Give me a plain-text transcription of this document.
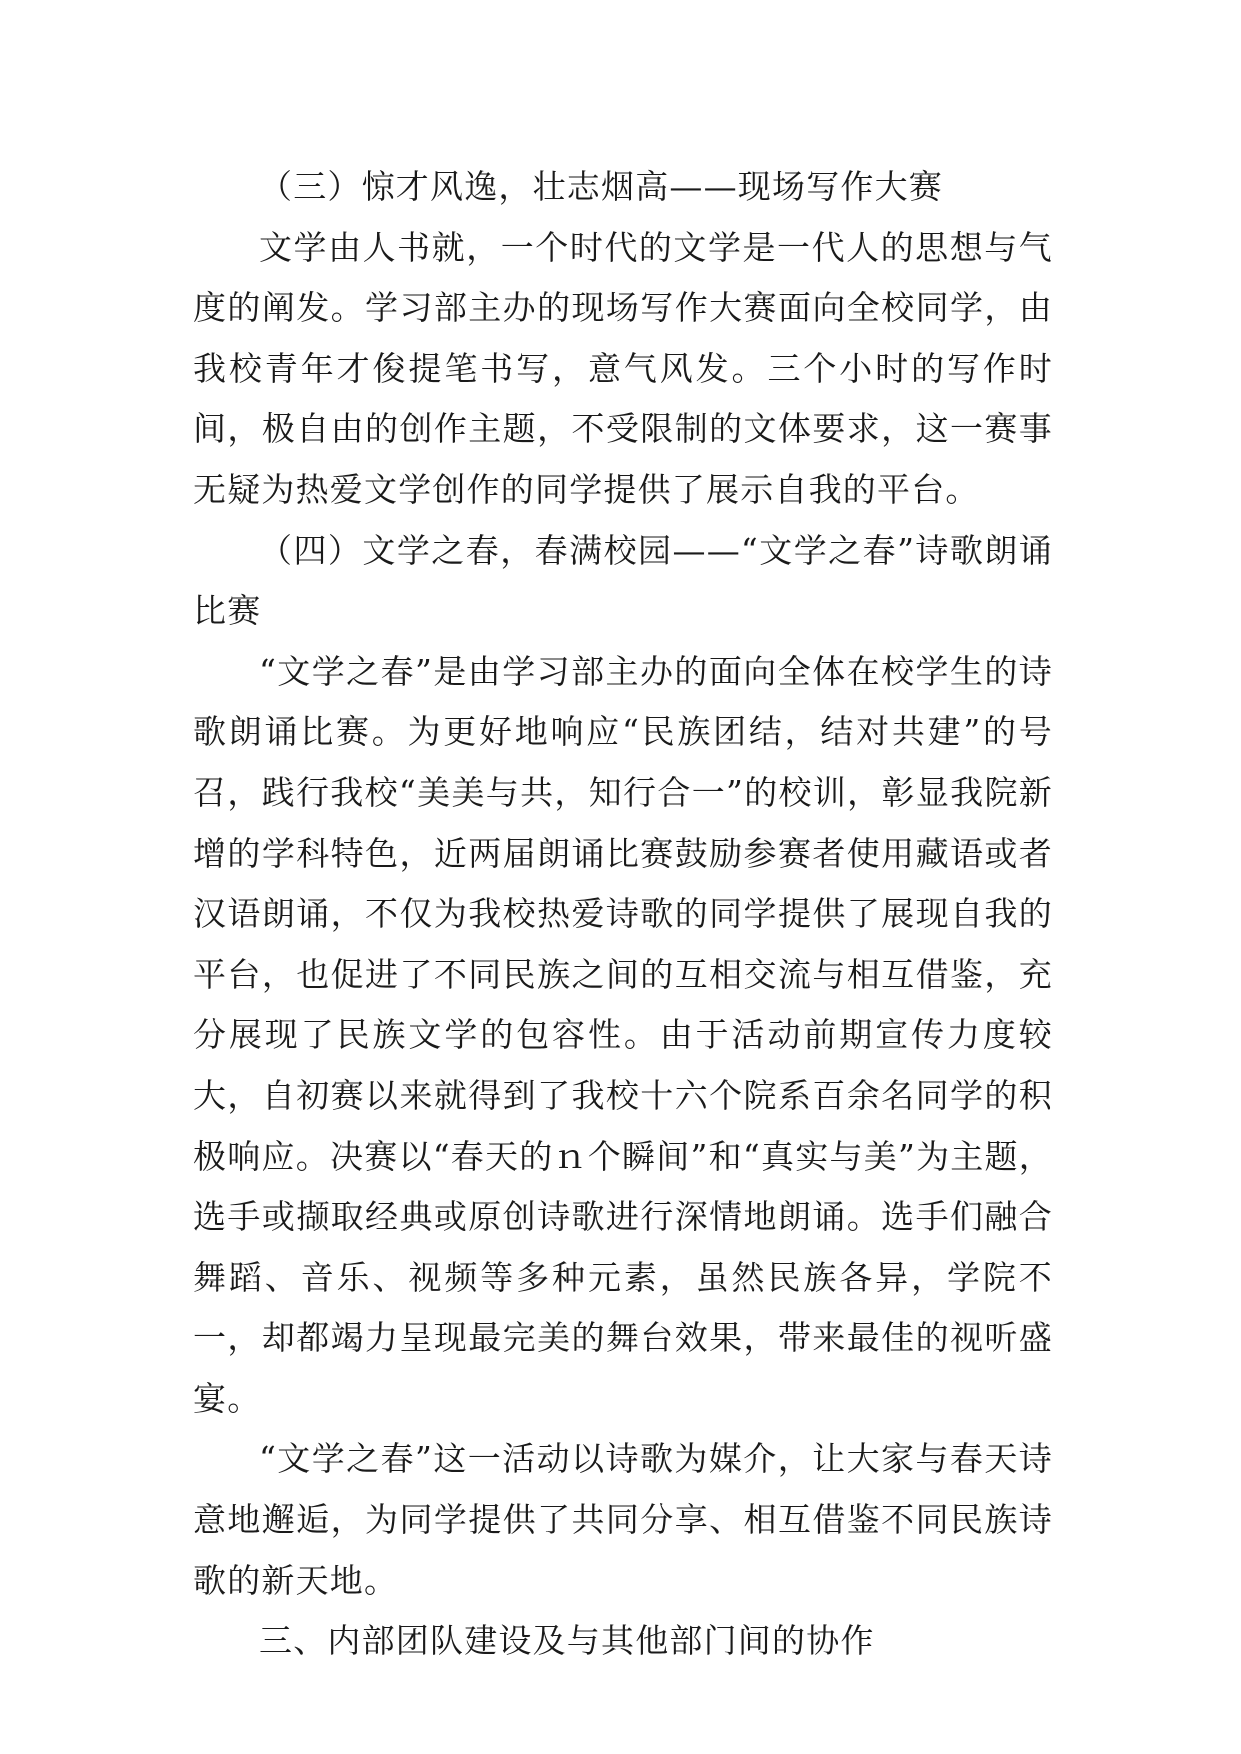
（三）惊才风逸，壮志烟高——现场写作大赛

文学由人书就，一个时代的文学是一代人的思想与气度的阐发。学习部主办的现场写作大赛面向全校同学，由我校青年才俊提笔书写，意气风发。三个小时的写作时间，极自由的创作主题，不受限制的文体要求，这一赛事无疑为热爱文学创作的同学提供了展示自我的平台。

（四）文学之春，春满校园——“文学之春”诗歌朗诵比赛

“文学之春”是由学习部主办的面向全体在校学生的诗歌朗诵比赛。为更好地响应“民族团结，结对共建”的号召，践行我校“美美与共，知行合一”的校训，彰显我院新增的学科特色，近两届朗诵比赛鼓励参赛者使用藏语或者汉语朗诵，不仅为我校热爱诗歌的同学提供了展现自我的平台，也促进了不同民族之间的互相交流与相互借鉴，充分展现了民族文学的包容性。由于活动前期宣传力度较大，自初赛以来就得到了我校十六个院系百余名同学的积极响应。决赛以“春天的ｎ个瞬间”和“真实与美”为主题，选手或撷取经典或原创诗歌进行深情地朗诵。选手们融合舞蹈、音乐、视频等多种元素，虽然民族各异，学院不一，却都竭力呈现最完美的舞台效果，带来最佳的视听盛宴。

“文学之春”这一活动以诗歌为媒介，让大家与春天诗意地邂逅，为同学提供了共同分享、相互借鉴不同民族诗歌的新天地。

三、内部团队建设及与其他部门间的协作
